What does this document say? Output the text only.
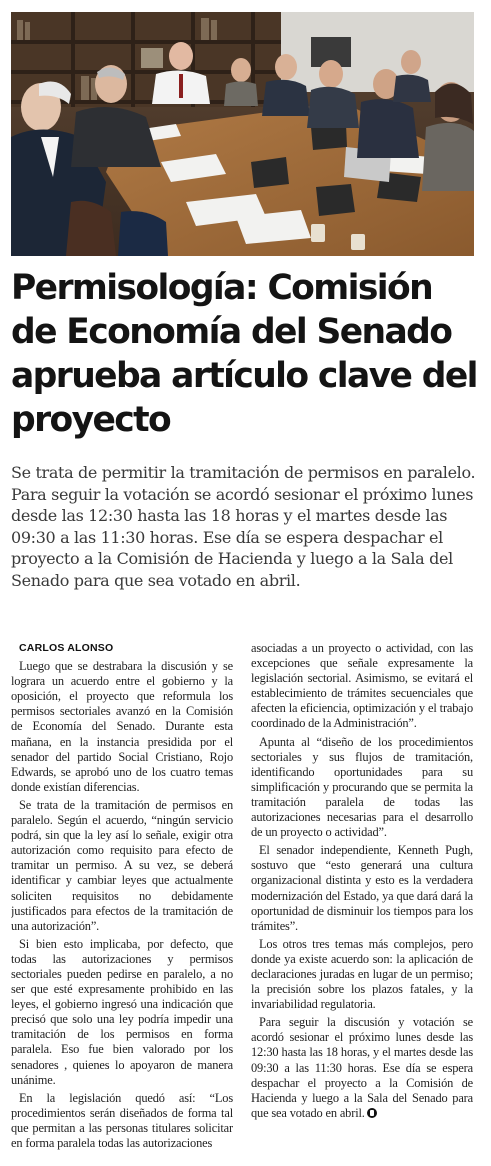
Permisología: Comisión de Economía del Senado aprueba artículo clave del proyecto

Se trata de permitir la tramitación de permisos en paralelo. Para seguir la votación se acordó sesionar el próximo lunes desde las 12:30 hasta las 18 horas y el martes desde las 09:30 a las 11:30 horas. Ese día se espera despachar el proyecto a la Comisión de Hacienda y luego a la Sala del Senado para que sea votado en abril.

CARLOS ALONSO

Luego que se destrabara la discusión y se lograra un acuerdo entre el gobierno y la oposición, el proyecto que reformula los permisos sectoriales avanzó en la Comisión de Economía del Senado. Durante esta mañana, en la instancia presidida por el senador del partido Social Cristiano, Rojo Edwards, se aprobó uno de los cuatro temas donde existían diferencias.

Se trata de la tramitación de permisos en paralelo. Según el acuerdo, “ningún servicio podrá, sin que la ley así lo señale, exigir otra autorización como requisito para efecto de tramitar un permiso. A su vez, se deberá identificar y cambiar leyes que actualmente soliciten requisitos no debidamente justificados para efectos de la tramitación de una autorización”.

Si bien esto implicaba, por defecto, que todas las autorizaciones y permisos sectoriales pueden pedirse en paralelo, a no ser que esté expresamente prohibido en las leyes, el gobierno ingresó una indicación que precisó que solo una ley podría impedir una tramitación de los permisos en forma paralela. Eso fue bien valorado por los senadores , quienes lo apoyaron de manera unánime.

En la legislación quedó así: “Los procedimientos serán diseñados de forma tal que permitan a las personas titulares solicitar en forma paralela todas las autorizaciones

asociadas a un proyecto o actividad, con las excepciones que señale expresamente la legislación sectorial. Asimismo, se evitará el establecimiento de trámites secuenciales que afecten la eficiencia, optimización y el trabajo coordinado de la Administración”.

Apunta al “diseño de los procedimientos sectoriales y sus flujos de tramitación, identificando oportunidades para su simplificación y procurando que se permita la tramitación paralela de todas las autorizaciones necesarias para el desarrollo de un proyecto o actividad”.

El senador independiente, Kenneth Pugh, sostuvo que “esto generará una cultura organizacional distinta y esto es la verdadera modernización del Estado, ya que dará dará la oportunidad de disminuir los tiempos para los trámites”.

Los otros tres temas más complejos, pero donde ya existe acuerdo son: la aplicación de declaraciones juradas en lugar de un permiso; la precisión sobre los plazos fatales, y la invariabilidad regulatoria.

Para seguir la discusión y votación se acordó sesionar el próximo lunes desde las 12:30 hasta las 18 horas, y el martes desde las 09:30 a las 11:30 horas. Ese día se espera despachar el proyecto a la Comisión de Hacienda y luego a la Sala del Senado para que sea votado en abril.
